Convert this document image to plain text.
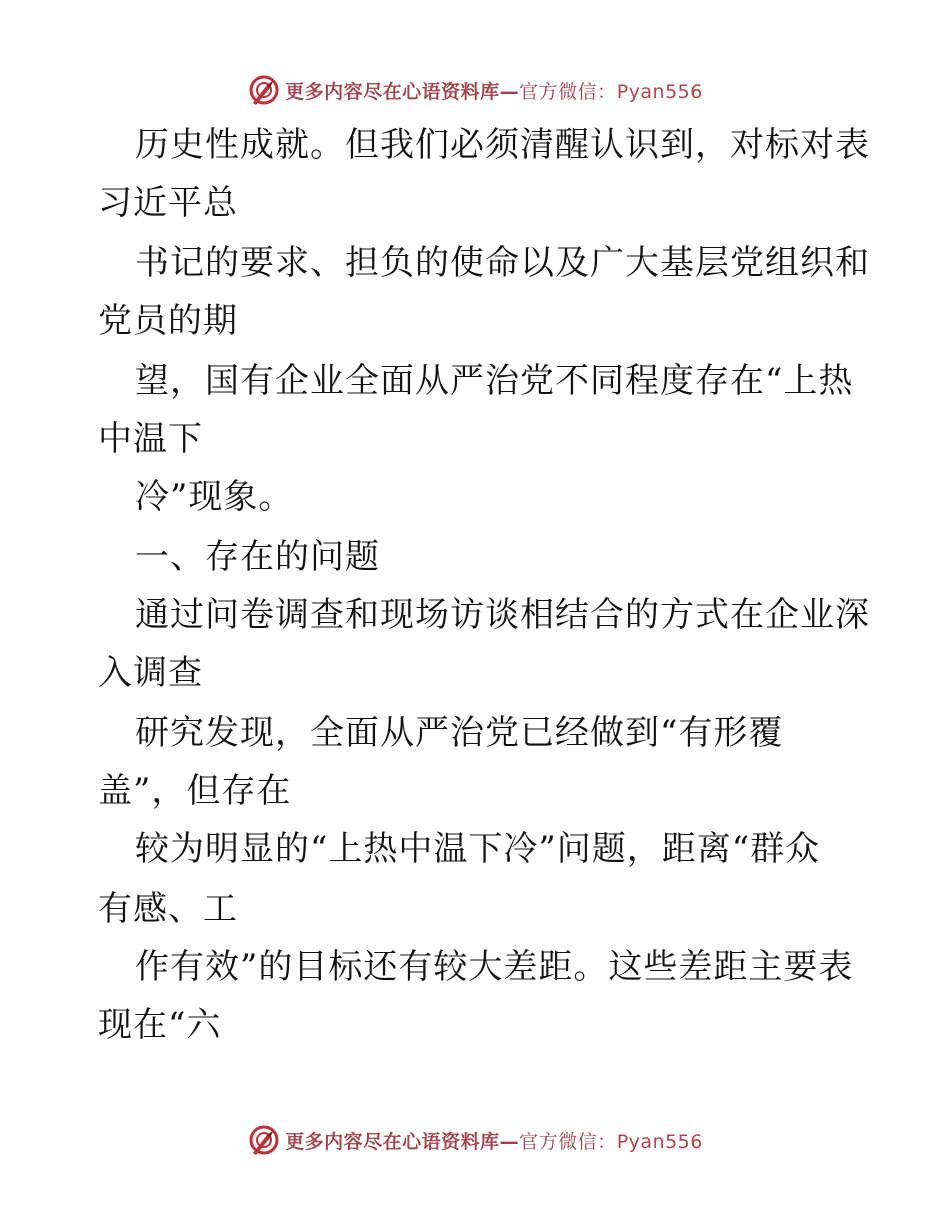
更多内容尽在心语资料库—官方微信：Pyan556
历史性成就。但我们必须清醒认识到，对标对表
习近平总
书记的要求、担负的使命以及广大基层党组织和
党员的期
望，国有企业全面从严治党不同程度存在“上热
中温下
冷”现象。
一、存在的问题
通过问卷调查和现场访谈相结合的方式在企业深
入调查
研究发现，全面从严治党已经做到“有形覆
盖”，但存在
较为明显的“上热中温下冷”问题，距离“群众
有感、工
作有效”的目标还有较大差距。这些差距主要表
现在“六
更多内容尽在心语资料库—官方微信：Pyan556
